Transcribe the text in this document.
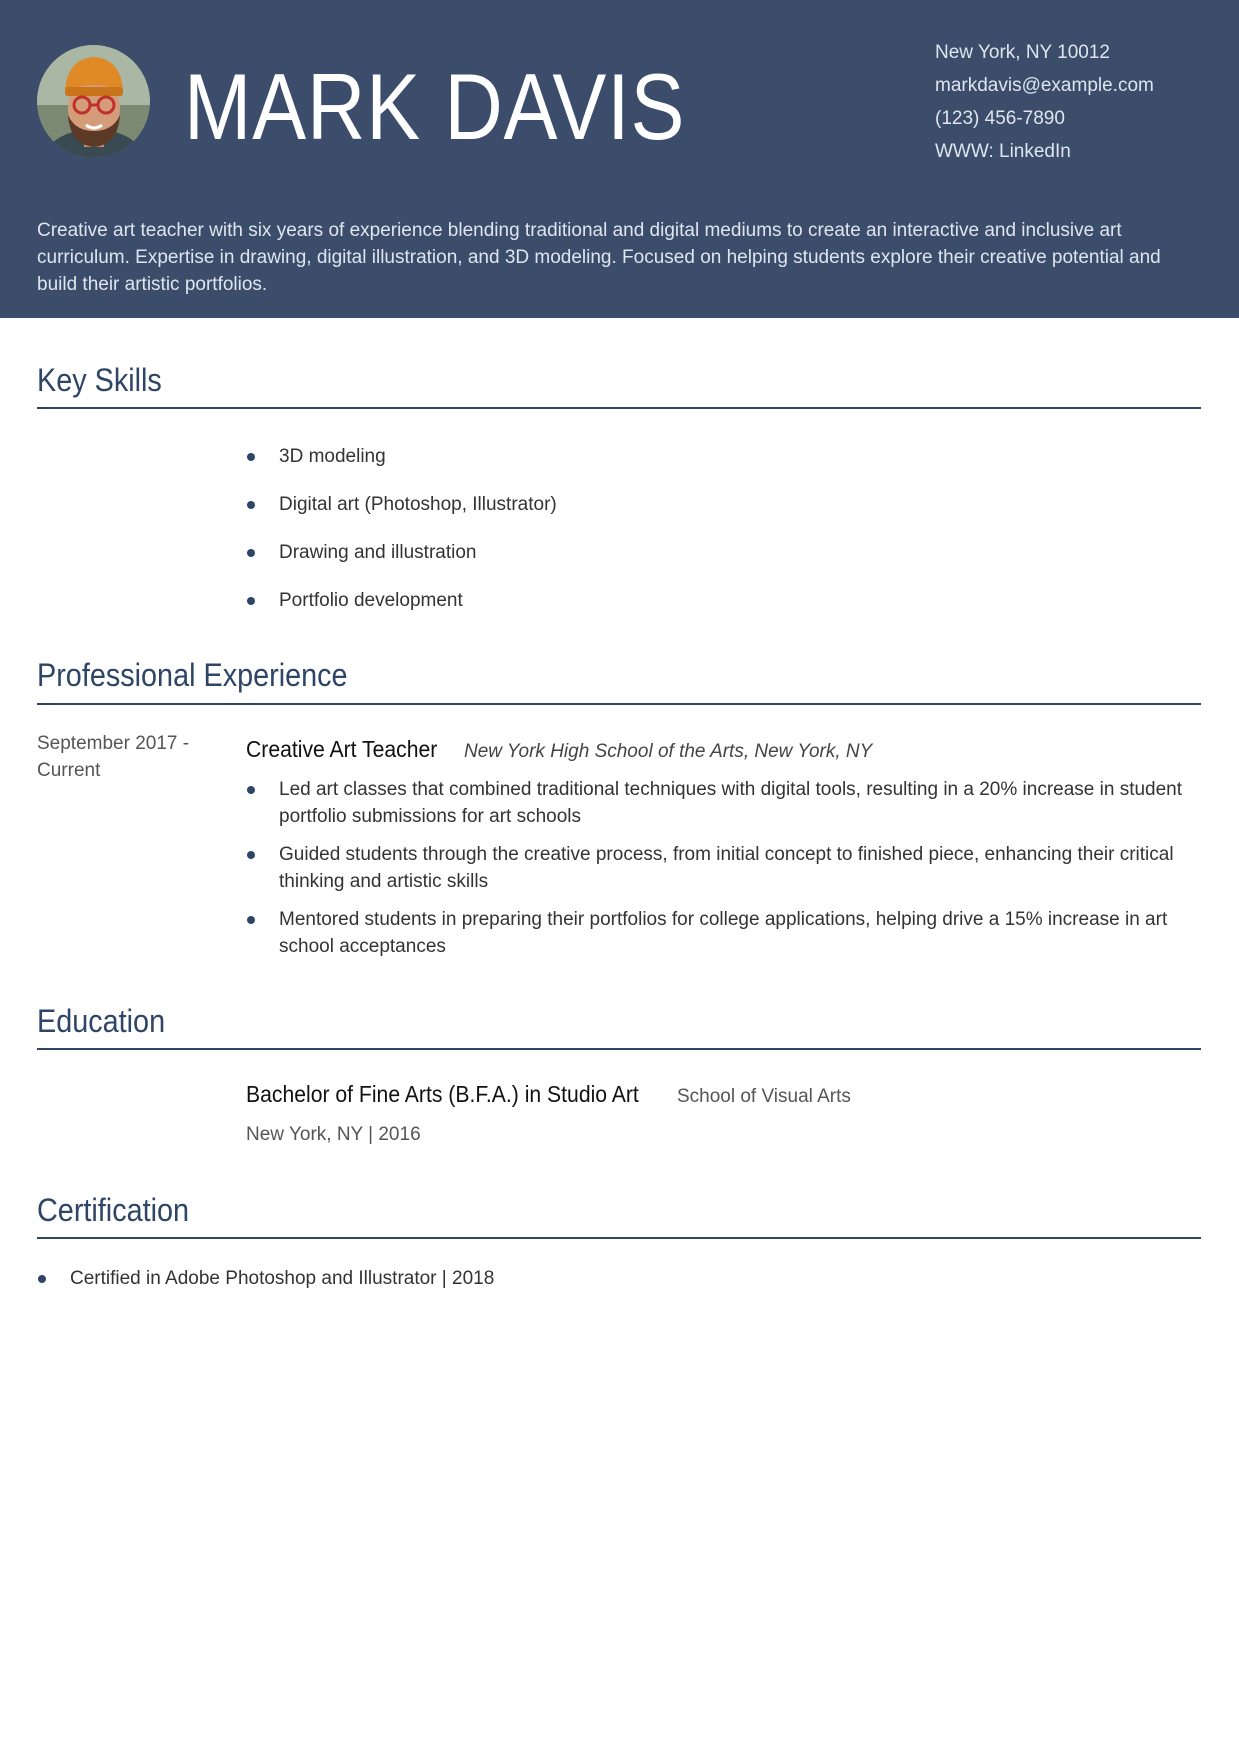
MARK DAVIS
New York, NY 10012
markdavis@example.com
(123) 456-7890
WWW: LinkedIn

Creative art teacher with six years of experience blending traditional and digital mediums to create an interactive and inclusive art curriculum. Expertise in drawing, digital illustration, and 3D modeling. Focused on helping students explore their creative potential and build their artistic portfolios.

Key Skills
3D modeling
Digital art (Photoshop, Illustrator)
Drawing and illustration
Portfolio development
Professional Experience

September 2017 - Current

Creative Art Teacher New York High School of the Arts, New York, NY
Led art classes that combined traditional techniques with digital tools, resulting in a 20% increase in student portfolio submissions for art schools
Guided students through the creative process, from initial concept to finished piece, enhancing their critical thinking and artistic skills
Mentored students in preparing their portfolios for college applications, helping drive a 15% increase in art school acceptances
Education
Bachelor of Fine Arts (B.F.A.) in Studio Art School of Visual Arts

New York, NY | 2016

Certification
Certified in Adobe Photoshop and Illustrator | 2018
